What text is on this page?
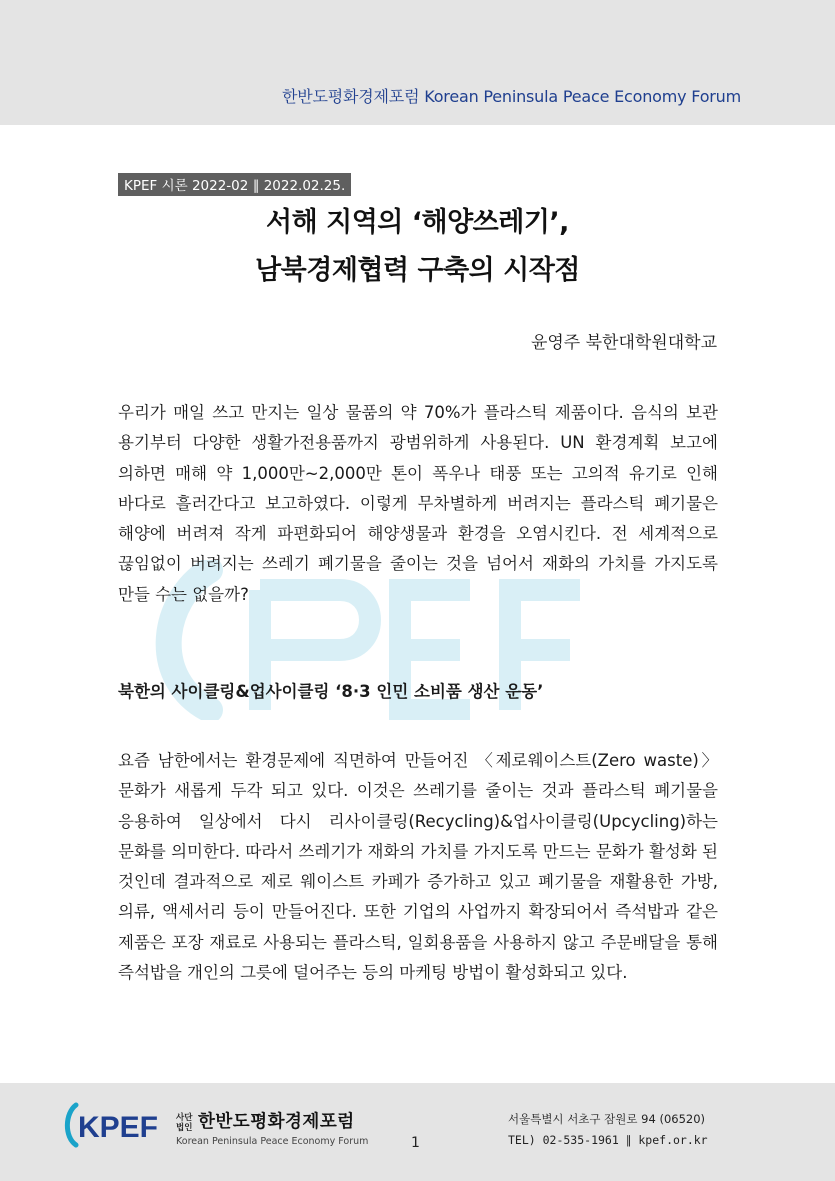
한반도평화경제포럼 Korean Peninsula Peace Economy Forum
KPEF 시론 2022-02 ∥ 2022.02.25.
서해 지역의 ‘해양쓰레기’,
남북경제협력 구축의 시작점
윤영주 북한대학원대학교
우리가 매일 쓰고 만지는 일상 물품의 약 70%가 플라스틱 제품이다. 음식의 보관 용기부터 다양한 생활가전용품까지 광범위하게 사용된다. UN 환경계획 보고에 의하면 매해 약 1,000만~2,000만 톤이 폭우나 태풍 또는 고의적 유기로 인해 바다로 흘러간다고 보고하였다. 이렇게 무차별하게 버려지는 플라스틱 폐기물은 해양에 버려져 작게 파편화되어 해양생물과 환경을 오염시킨다. 전 세계적으로 끊임없이 버려지는 쓰레기 폐기물을 줄이는 것을 넘어서 재화의 가치를 가지도록 만들 수는 없을까?
북한의 사이클링&업사이클링 ‘8·3 인민 소비품 생산 운동’
요즘 남한에서는 환경문제에 직면하여 만들어진 〈제로웨이스트(Zero waste)〉 문화가 새롭게 두각 되고 있다. 이것은 쓰레기를 줄이는 것과 플라스틱 폐기물을 응용하여 일상에서 다시 리사이클링(Recycling)&업사이클링(Upcycling)하는 문화를 의미한다. 따라서 쓰레기가 재화의 가치를 가지도록 만드는 문화가 활성화 된 것인데 결과적으로 제로 웨이스트 카페가 증가하고 있고 폐기물을 재활용한 가방, 의류, 액세서리 등이 만들어진다. 또한 기업의 사업까지 확장되어서 즉석밥과 같은 제품은 포장 재료로 사용되는 플라스틱, 일회용품을 사용하지 않고 주문배달을 통해 즉석밥을 개인의 그릇에 덜어주는 등의 마케팅 방법이 활성화되고 있다.
KPEF 사단
법인 한반도평화경제포럼
Korean Peninsula Peace Economy Forum	1
서울특별시 서초구 잠원로 94 (06520)
TEL) 02-535-1961 ∥ kpef.or.kr
